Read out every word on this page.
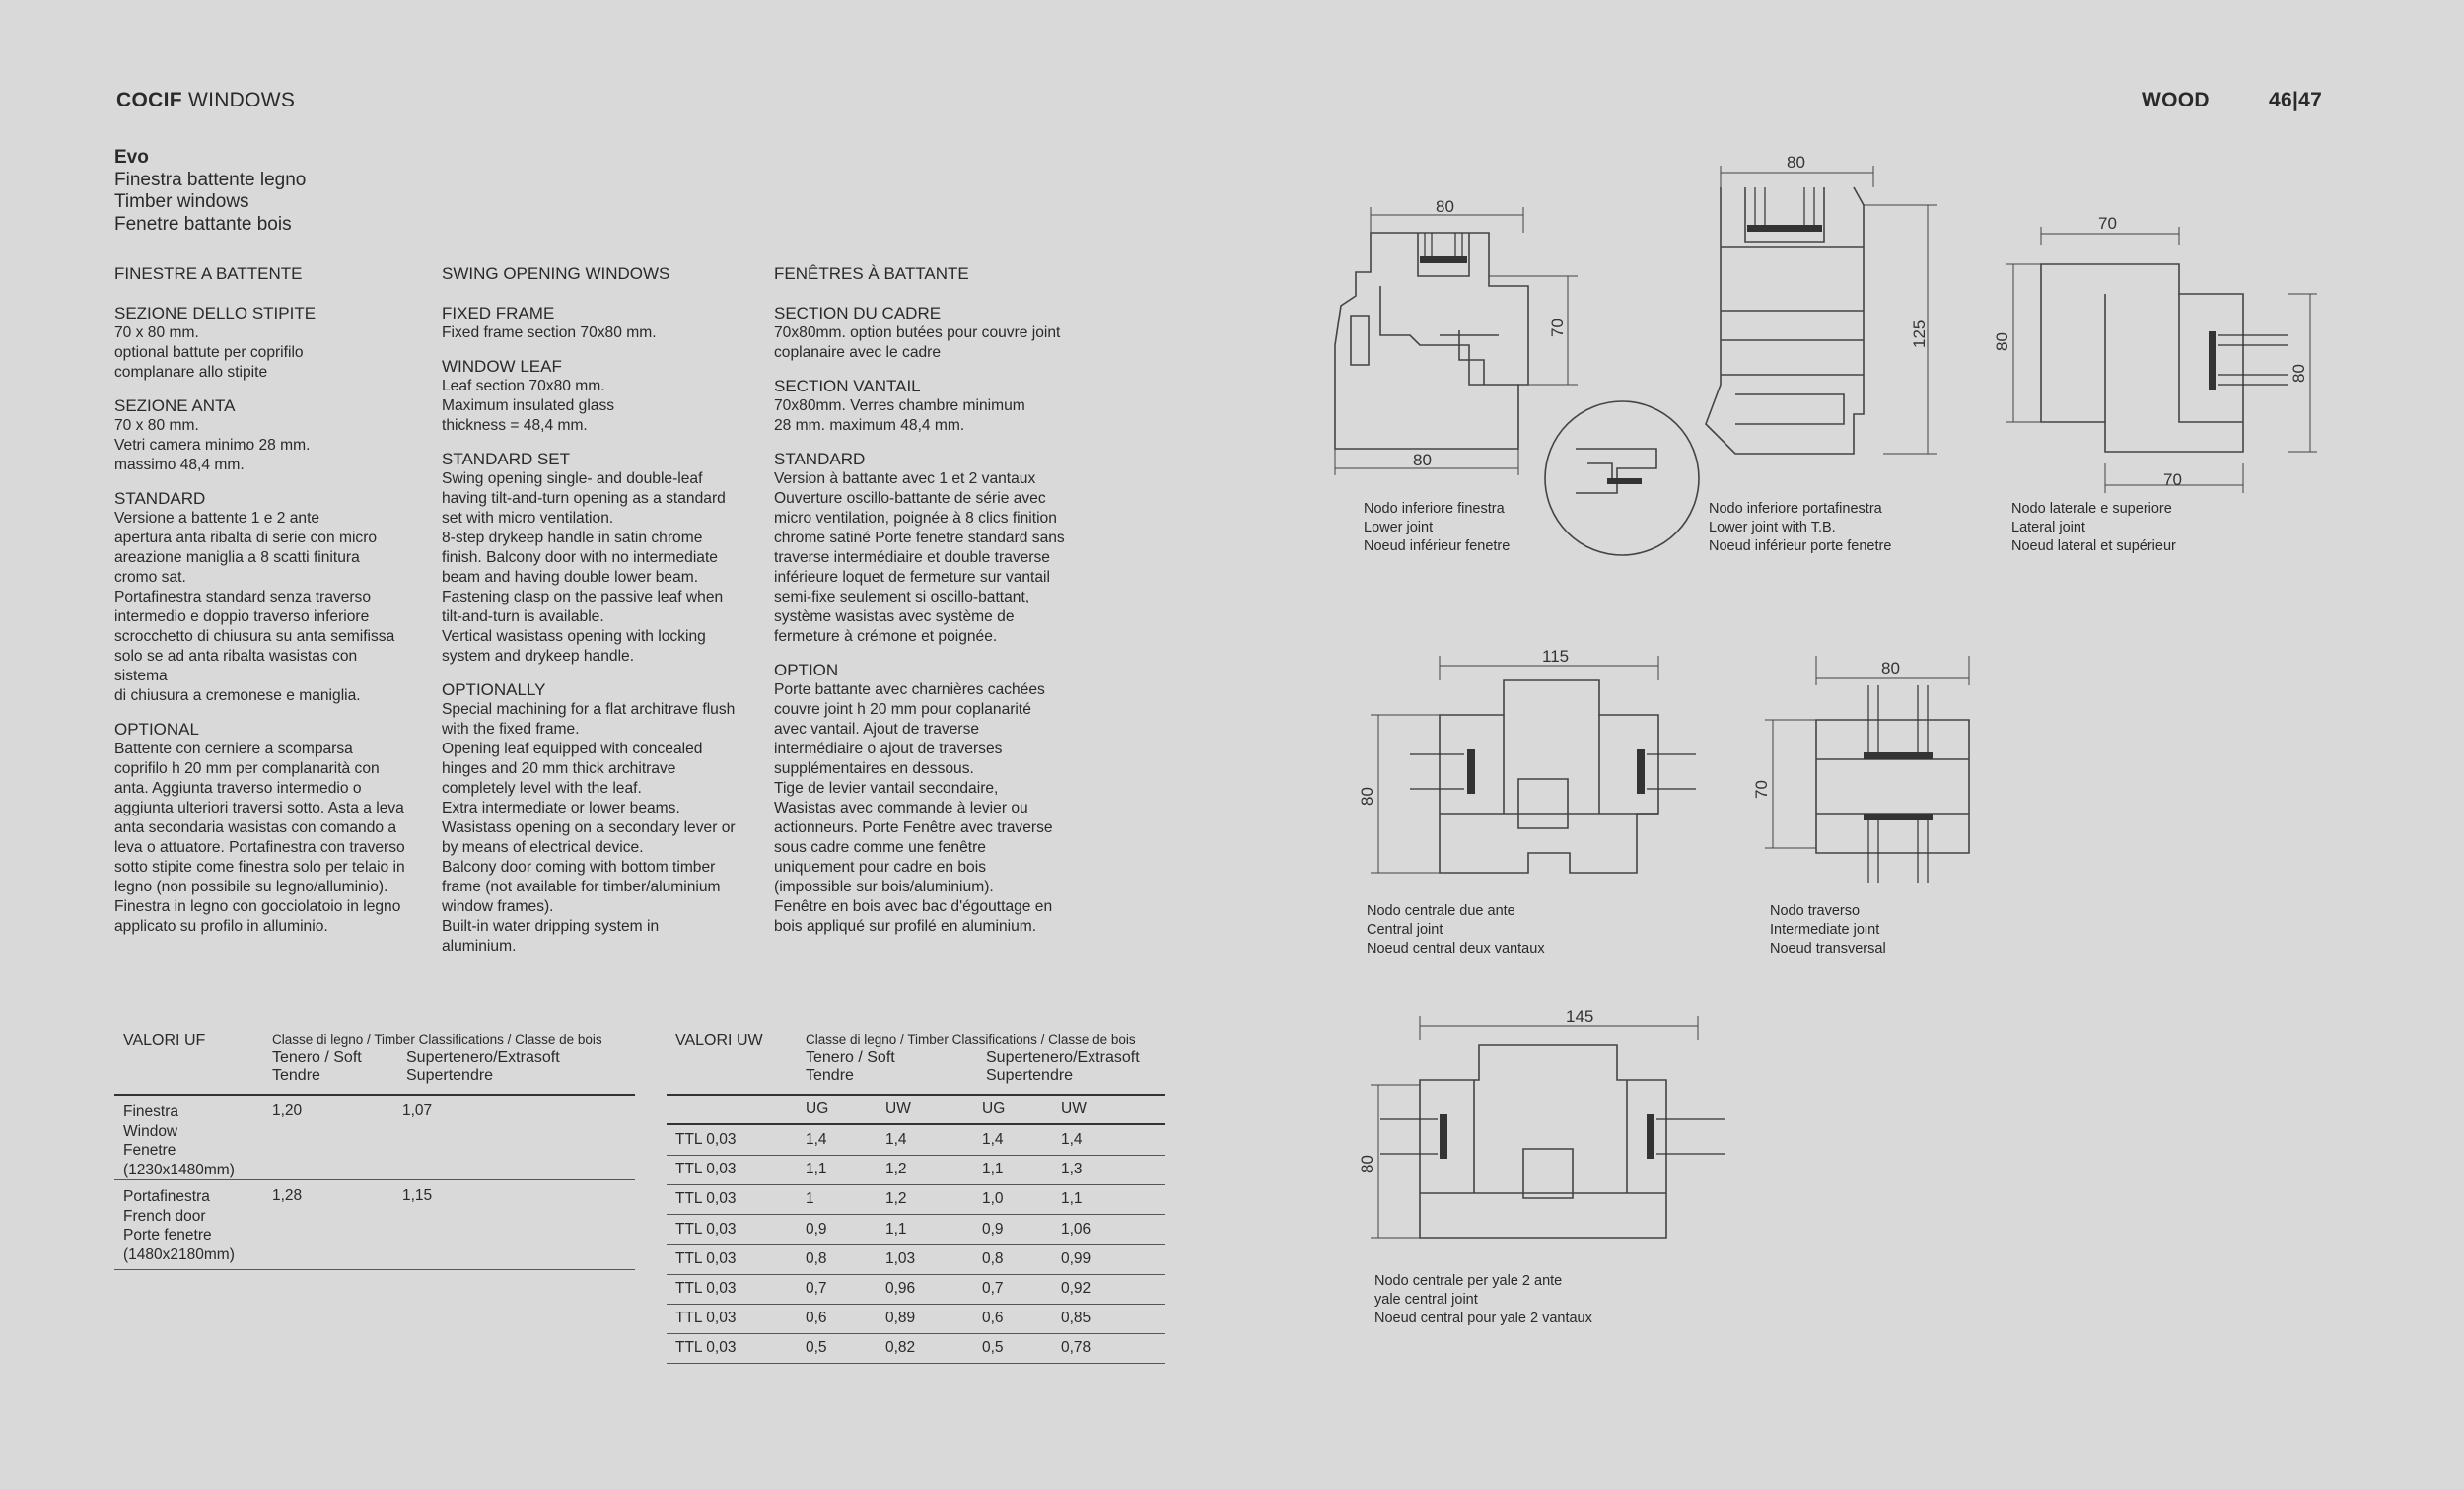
COCIF WINDOWS	WOOD	46|47
Evo
Finestra battente legno
Timber windows
Fenetre battante bois
FINESTRE A BATTENTE
SEZIONE DELLO STIPITE
70 x 80 mm.
optional battute per coprifilo
complanare allo stipite
SEZIONE ANTA
70 x 80 mm.
Vetri camera minimo 28 mm.
massimo 48,4 mm.
STANDARD
Versione a battente 1 e 2 ante
apertura anta ribalta di serie con micro
areazione maniglia a 8 scatti finitura
cromo sat.
Portafinestra standard senza traverso
intermedio e doppio traverso inferiore
scrocchetto di chiusura su anta semifissa
solo se ad anta ribalta wasistas con sistema
di chiusura a cremonese e maniglia.
OPTIONAL
Battente con cerniere a scomparsa
coprifilo h 20 mm per complanarità con
anta. Aggiunta traverso intermedio o
aggiunta ulteriori traversi sotto. Asta a leva
anta secondaria wasistas con comando a
leva o attuatore. Portafinestra con traverso
sotto stipite come finestra solo per telaio in
legno (non possibile su legno/alluminio).
Finestra in legno con gocciolatoio in legno
applicato su profilo in alluminio.
SWING OPENING WINDOWS
FIXED FRAME
Fixed frame section 70x80 mm.
WINDOW LEAF
Leaf section 70x80 mm.
Maximum insulated glass
thickness = 48,4 mm.
STANDARD SET
Swing opening single- and double-leaf
having tilt-and-turn opening as a standard
set with micro ventilation.
8-step drykeep handle in satin chrome
finish. Balcony door with no intermediate
beam and having double lower beam.
Fastening clasp on the passive leaf when
tilt-and-turn is available.
Vertical wasistass opening with locking
system and drykeep handle.
OPTIONALLY
Special machining for a flat architrave flush
with the fixed frame.
Opening leaf equipped with concealed
hinges and 20 mm thick architrave
completely level with the leaf.
Extra intermediate or lower beams.
Wasistass opening on a secondary lever or
by means of electrical device.
Balcony door coming with bottom timber
frame (not available for timber/aluminium
window frames).
Built-in water dripping system in
aluminium.
FENÊTRES À BATTANTE
SECTION DU CADRE
70x80mm. option butées pour couvre joint
coplanaire avec le cadre
SECTION VANTAIL
70x80mm. Verres chambre minimum
28 mm. maximum 48,4 mm.
STANDARD
Version à battante avec 1 et 2 vantaux
Ouverture oscillo-battante de série avec
micro ventilation, poignée à 8 clics finition
chrome satiné Porte fenetre standard sans
traverse intermédiaire et double traverse
inférieure loquet de fermeture sur vantail
semi-fixe seulement si oscillo-battant,
système wasistas avec système de
fermeture à crémone et poignée.
OPTION
Porte battante avec charnières cachées
couvre joint h 20 mm pour coplanarité
avec vantail. Ajout de traverse
intermédiaire o ajout de traverses
supplémentaires en dessous.
Tige de levier vantail secondaire,
Wasistas avec commande à levier ou
actionneurs. Porte Fenêtre avec traverse
sous cadre comme une fenêtre
uniquement pour cadre en bois
(impossible sur bois/aluminium).
Fenêtre en bois avec bac d'égouttage en
bois appliqué sur profilé en aluminium.
VALORI UF	Classe di legno / Timber Classifications / Classe de bois
Tenero / Soft
Tendre
Supertenero/Extrasoft
Supertendre
Finestra
Window
Fenetre
(1230x1480mm)
1,20	1,07
Portafinestra
French door
Porte fenetre
(1480x2180mm)
1,28	1,15
VALORI UW	Classe di legno / Timber Classifications / Classe de bois
Tenero / Soft
Tendre
Supertenero/Extrasoft
Supertendre
UG	UW	UG	UW
TTL 0,03	1,4	1,4	1,4	1,4
TTL 0,03	1,1	1,2	1,1	1,3
TTL 0,03	1	1,2	1,0	1,1
TTL 0,03	0,9	1,1	0,9	1,06
TTL 0,03	0,8	1,03	0,8	0,99
TTL 0,03	0,7	0,96	0,7	0,92
TTL 0,03	0,6	0,89	0,6	0,85
TTL 0,03	0,5	0,82	0,5	0,78
80
70
80
Nodo inferiore finestra
Lower joint
Noeud inférieur fenetre
80
125
Nodo inferiore portafinestra
Lower joint with T.B.
Noeud inférieur porte fenetre
70
80
80
70
Nodo laterale e superiore
Lateral joint
Noeud lateral et supérieur
115
80
Nodo centrale due ante
Central joint
Noeud central deux vantaux
80
70
Nodo traverso
Intermediate joint
Noeud transversal
145
80
Nodo centrale per yale 2 ante
yale central joint
Noeud central pour yale 2 vantaux
